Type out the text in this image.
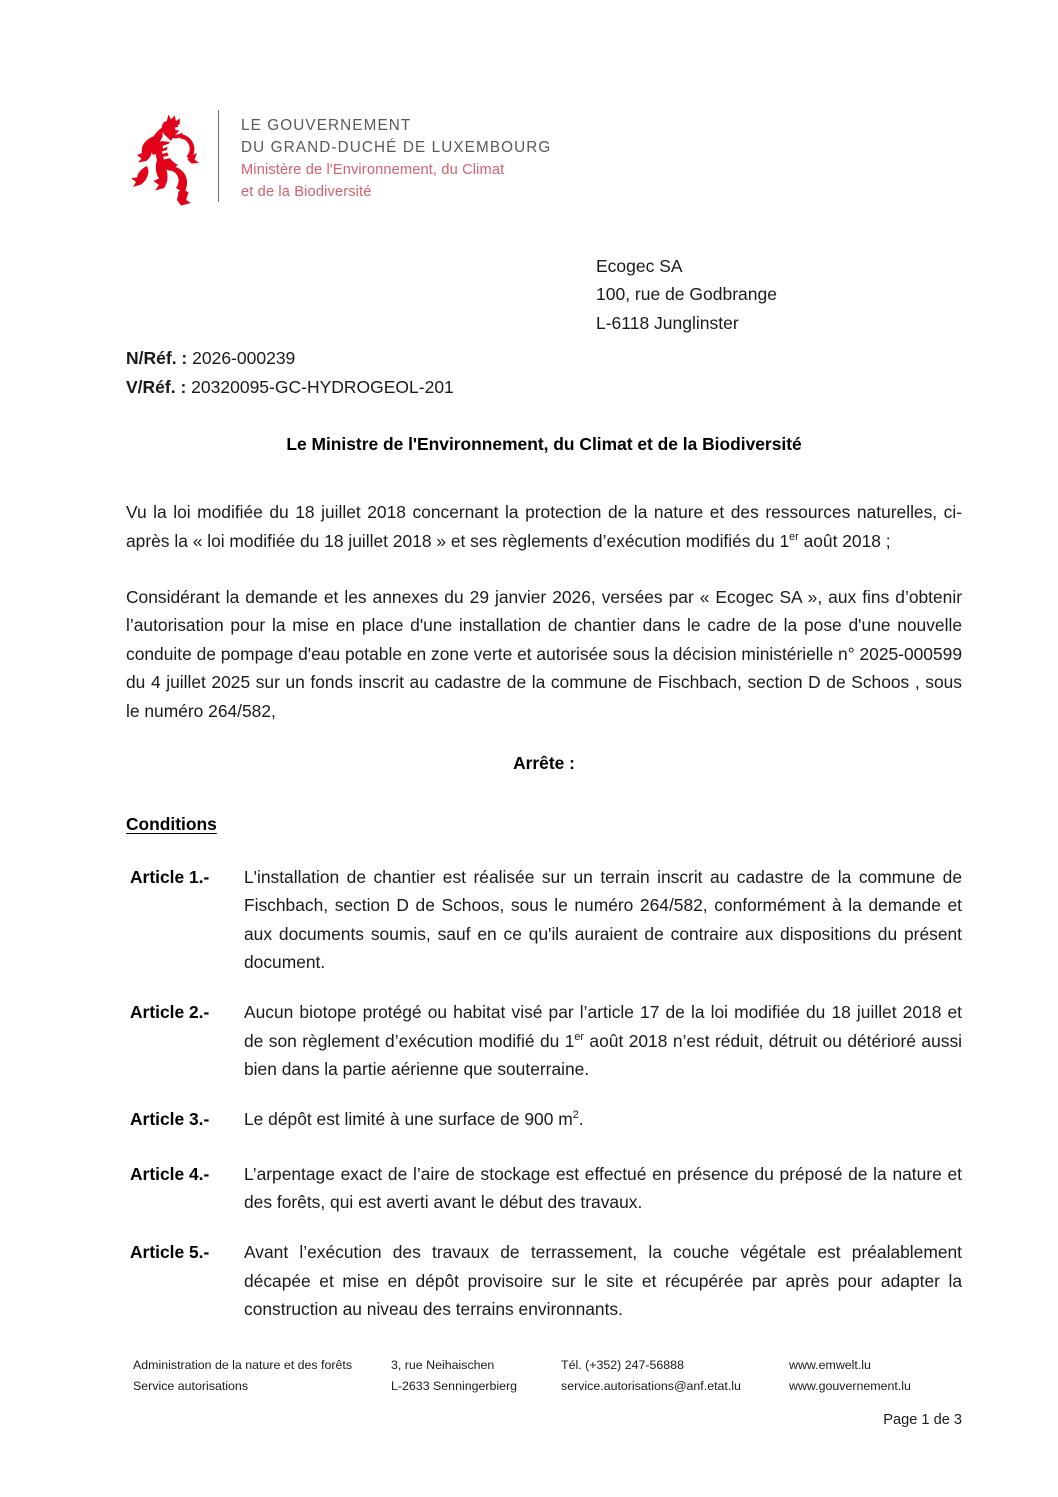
LE GOUVERNEMENT
DU GRAND-DUCHÉ DE LUXEMBOURG
Ministère de l'Environnement, du Climat
et de la Biodiversité
Ecogec SA
100, rue de Godbrange
L-6118 Junglinster
N/Réf. : 2026-000239
V/Réf. : 20320095-GC-HYDROGEOL-201
Le Ministre de l'Environnement, du Climat et de la Biodiversité

Vu la loi modifiée du 18 juillet 2018 concernant la protection de la nature et des ressources naturelles, ci-après la « loi modifiée du 18 juillet 2018 » et ses règlements d’exécution modifiés du 1er août 2018 ;

Considérant la demande et les annexes du 29 janvier 2026, versées par « Ecogec SA », aux fins d’obtenir l’autorisation pour la mise en place d'une installation de chantier dans le cadre de la pose d'une nouvelle conduite de pompage d'eau potable en zone verte et autorisée sous la décision ministérielle n° 2025-000599 du 4 juillet 2025 sur un fonds inscrit au cadastre de la commune de Fischbach, section D de Schoos , sous le numéro 264/582,

Arrête :
Conditions
Article 1.-	L'installation de chantier est réalisée sur un terrain inscrit au cadastre de la commune de Fischbach, section D de Schoos, sous le numéro 264/582, conformément à la demande et aux documents soumis, sauf en ce qu'ils auraient de contraire aux dispositions du présent document.
Article 2.-	Aucun biotope protégé ou habitat visé par l’article 17 de la loi modifiée du 18 juillet 2018 et de son règlement d’exécution modifié du 1er août 2018 n’est réduit, détruit ou détérioré aussi bien dans la partie aérienne que souterraine.
Article 3.-	Le dépôt est limité à une surface de 900 $m^2$.
Article 4.-	L’arpentage exact de l’aire de stockage est effectué en présence du préposé de la nature et des forêts, qui est averti avant le début des travaux.
Article 5.-	Avant l’exécution des travaux de terrassement, la couche végétale est préalablement décapée et mise en dépôt provisoire sur le site et récupérée par après pour adapter la construction au niveau des terrains environnants.
Administration de la nature et des forêts
Service autorisations
3, rue Neihaischen
L-2633 Senningerbierg
Tél. (+352) 247-56888
service.autorisations@anf.etat.lu
www.emwelt.lu
www.gouvernement.lu
Page 1 de 3
